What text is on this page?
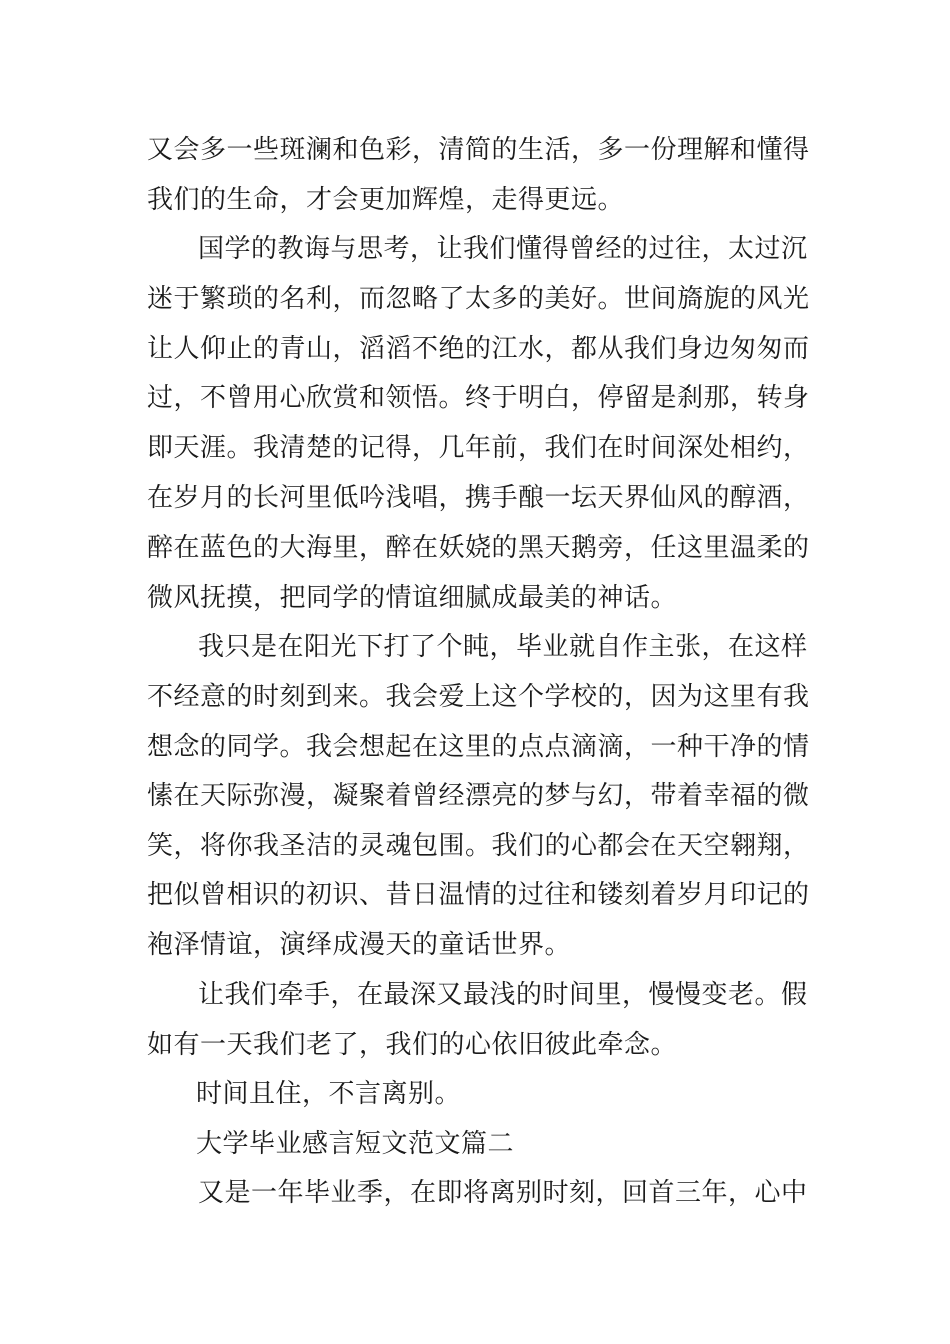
又会多一些斑澜和色彩，清简的生活，多一份理解和懂得
我们的生命，才会更加辉煌，走得更远。
国学的教诲与思考，让我们懂得曾经的过往，太过沉
迷于繁琐的名利，而忽略了太多的美好。世间旖旎的风光
让人仰止的青山，滔滔不绝的江水，都从我们身边匆匆而
过，不曾用心欣赏和领悟。终于明白，停留是刹那，转身
即天涯。我清楚的记得，几年前，我们在时间深处相约，
在岁月的长河里低吟浅唱，携手酿一坛天界仙风的醇酒，
醉在蓝色的大海里，醉在妖娆的黑天鹅旁，任这里温柔的
微风抚摸，把同学的情谊细腻成最美的神话。
我只是在阳光下打了个盹，毕业就自作主张，在这样
不经意的时刻到来。我会爱上这个学校的，因为这里有我
想念的同学。我会想起在这里的点点滴滴，一种干净的情
愫在天际弥漫，凝聚着曾经漂亮的梦与幻，带着幸福的微
笑，将你我圣洁的灵魂包围。我们的心都会在天空翱翔，
把似曾相识的初识、昔日温情的过往和镂刻着岁月印记的
袍泽情谊，演绎成漫天的童话世界。
让我们牵手，在最深又最浅的时间里，慢慢变老。假
如有一天我们老了，我们的心依旧彼此牵念。
时间且住，不言离别。
大学毕业感言短文范文篇二
又是一年毕业季，在即将离别时刻，回首三年，心中
